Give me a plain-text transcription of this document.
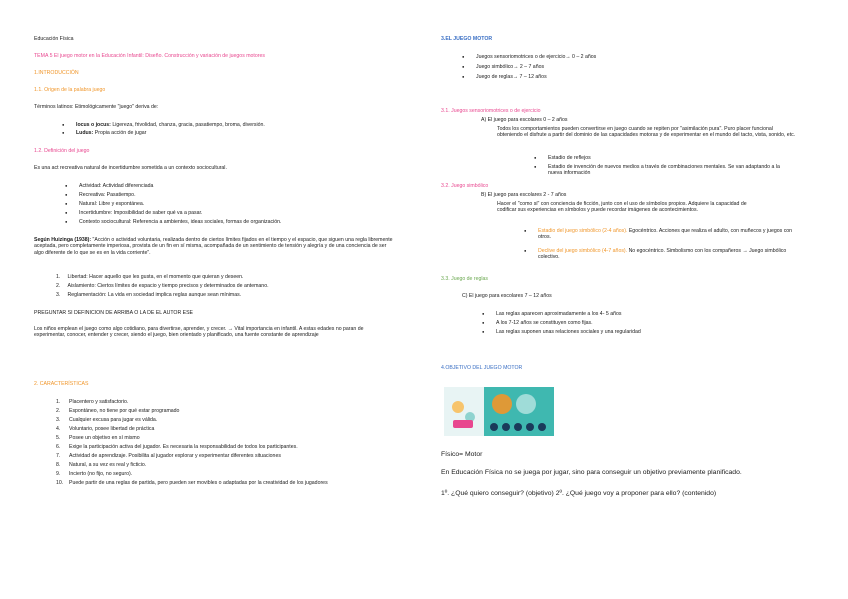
Educación Física
TEMA 5 El juego motor en la Educación Infantil: Diseño. Construcción y variación de juegos motores
1.INTRODUCCIÓN
1.1. Origen de la palabra juego
Términos latinos: Etimológicamente "juego" deriva de:
● Iocus o jocus: Ligereza, frivolidad, chanza, gracia, pasatiempo, broma, diversión.
● Ludus: Propia acción de jugar
1.2. Definición del juego
Es una act recreativa natural de incertidumbre sometida a un contexto sociocultural.
● Actividad: Actividad diferenciada
● Recreativa: Pasatiempo.
● Natural: Libre y espontánea.
● Incertidumbre: Imposibilidad de saber qué va a pasar.
● Contexto sociocultural: Referencia a ambientes, ideas sociales, formas de organización.
Según Huizinga (1938): "Acción o actividad voluntaria, realizada dentro de ciertos límites fijados en el tiempo y el espacio, que siguen una regla libremente aceptada, pero completamente imperiosa, provista de un fin en sí misma, acompañada de un sentimiento de tensión y alegría y de una conciencia de ser algo diferente de lo que se es en la vida corriente".
1.     Libertad: Hacer aquello que les gusta, en el momento que quieran y deseen.
2.     Aislamiento: Ciertos límites de espacio y tiempo precisos y determinados de antemano.
3.     Reglamentación: La vida en sociedad implica reglas aunque sean mínimas.
PREGUNTAR SI DEFINICION DE ARRIBA O LA DE EL AUTOR ESE
Los niños emplean el juego como algo cotidiano, para divertirse, aprender, y crecer. → Vital importancia en infantil. A estas edades no paran de experimentar, conocer, entender y crecer, siendo el juego, bien orientado y planificado, una fuente constante de aprendizaje
2. CARACTERÍSTICAS
1.      Placentero y satisfactorio.
2.      Espontáneo, no tiene por qué estar programado
3.      Cualquier excusa para jugar es válida.
4.      Voluntario, posee libertad de práctica
5.      Posee un objetivo en sí mismo
6.      Exige la participación activa del jugador. Es necesaria la responsabilidad de todos los participantes.
7.      Actividad de aprendizaje. Posibilita al jugador explorar y experimentar diferentes situaciones
8.      Natural, a su vez es real y ficticio.
9.      Incierto (no fijo, no seguro).
10.    Puede partir de una reglas de partida, pero pueden ser movibles o adaptadas por la creatividad de los jugadores
3.EL JUEGO MOTOR
● Juegos sensoriomotrices o de ejercicio→ 0 – 2 años
● Juego simbólico→ 2 – 7 años
● Juego de reglas→ 7 – 12 años
3.1. Juegos sensoriomotrices o de ejercicio
A) El juego para escolares 0 – 2 años
Todos los comportamientos pueden convertirse en juego cuando se repiten por "asimilación pura". Puro placer funcional obteniendo el disfrute a partir del dominio de las capacidades motoras y de experimentar en el mundo del tacto, vista, sonido, etc.
● Estadio de reflejos
● Estadio de invención de nuevos medios a través de combinaciones mentales. Se van adaptando a la nueva información
3.2. Juego simbólico
B) El juego para escolares 2 - 7 años
Hacer el "como si" con conciencia de ficción, junto con el uso de símbolos propios. Adquiere la capacidad de codificar sus experiencias en símbolos y puede recordar imágenes de acontecimientos.
● Estadio del juego simbólico (2-4 años). Egocéntrico. Acciones que realiza el adulto, con muñecos y juegos con otros.
● Declive del juego simbólico (4-7 años). No egocéntrico. Simbolismo con los compañeros → Juego simbólico colectivo.
3.3. Juego de reglas
C) El juego para escolares 7 – 12 años
● Las reglas aparecen aproximadamente a los 4- 5 años
● A los 7-12 años se constituyen como fijas.
● Las reglas suponen unas relaciones sociales y una regularidad
4.OBJETIVO DEL JUEGO MOTOR
Físico= Motor
En Educación Física no se juega por jugar, sino para conseguir un objetivo previamente planificado.
1º. ¿Qué quiero conseguir? (objetivo) 2º. ¿Qué juego voy a proponer para ello? (contenido)
